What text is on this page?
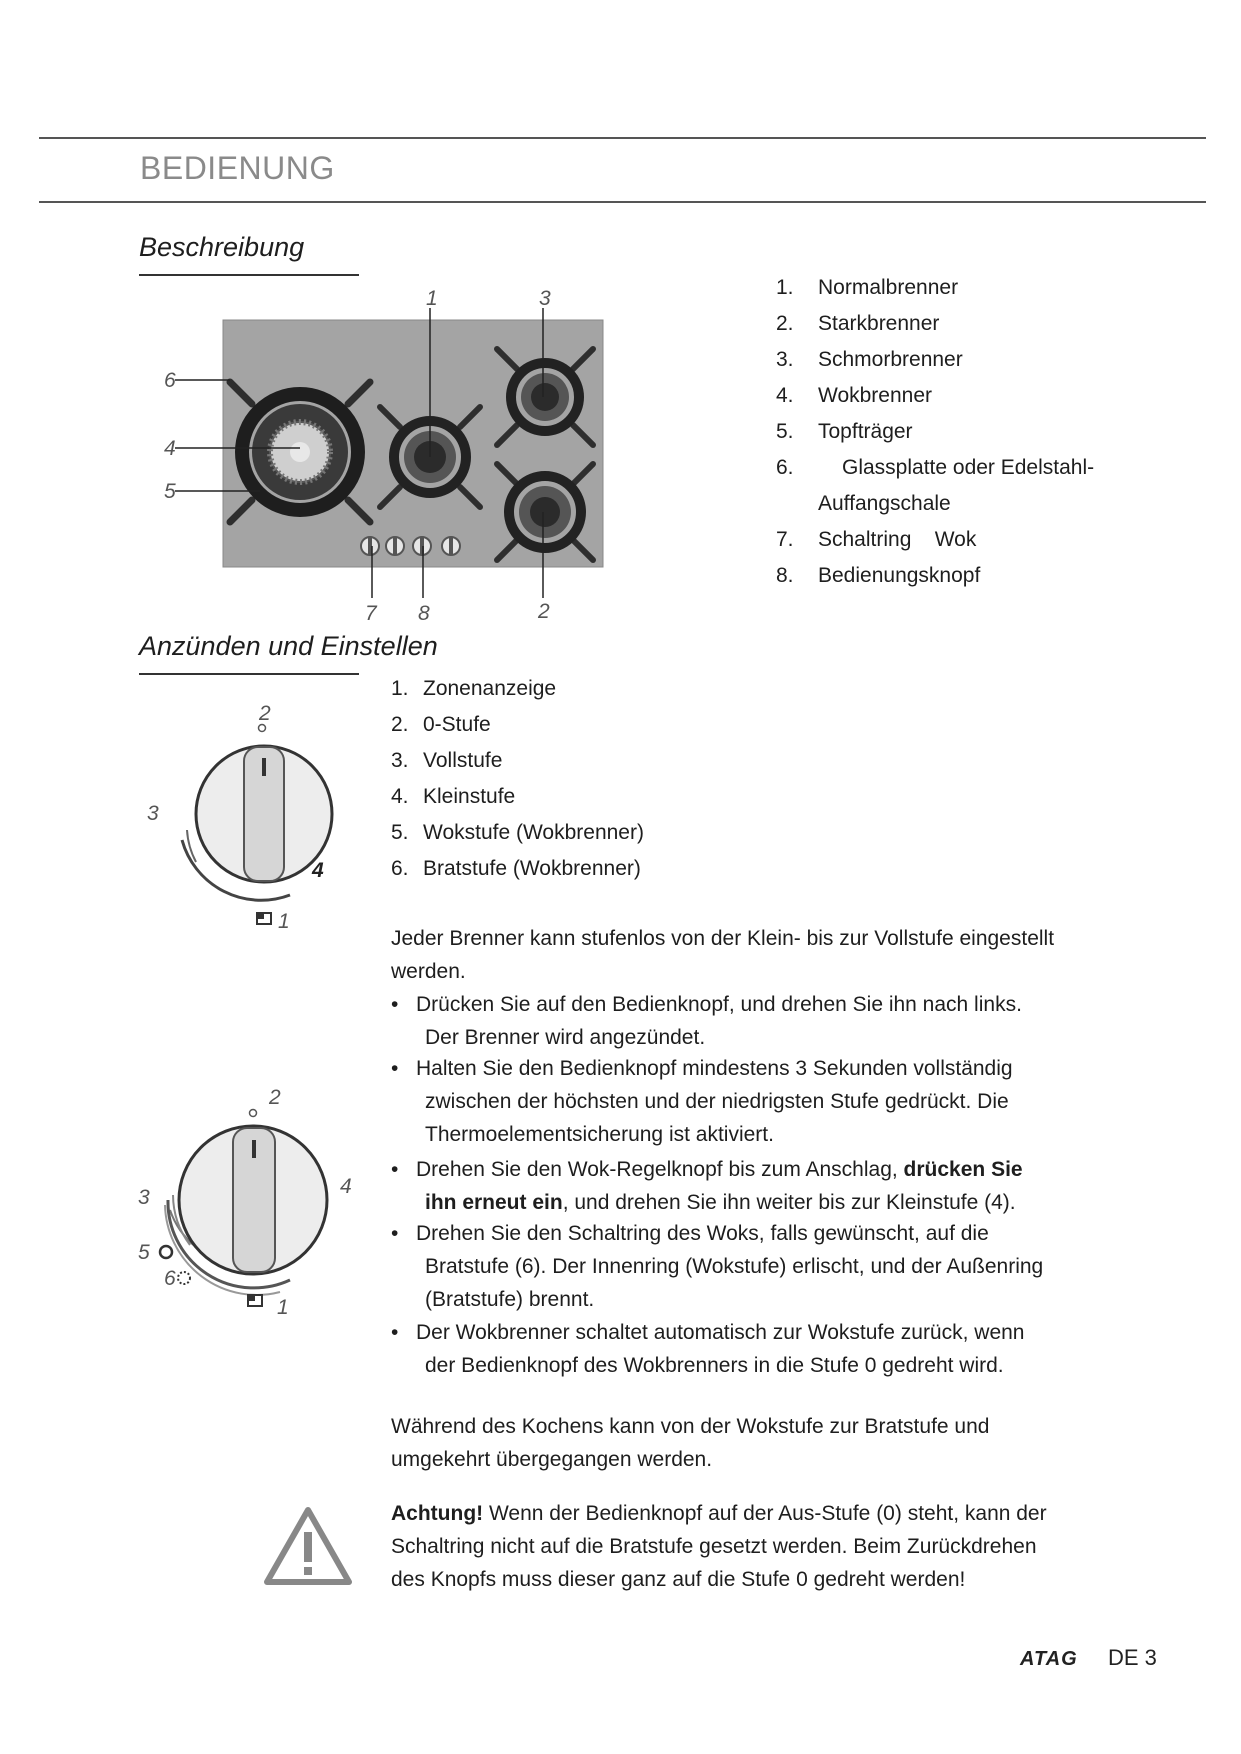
BEDIENUNG
Beschreibung
1	3
6
4
5
7 8	2
1. Normalbrenner
2. Starkbrenner
3. Schmorbrenner
4. Wokbrenner
5. Topfträger
6. Glassplatte oder Edelstahl-
Auffangschale
7. Schaltring    Wok
8. Bedienungsknopf
Anzünden und Einstellen
1. Zonenanzeige
2. 0-Stufe
3. Vollstufe
4. Kleinstufe
5. Wokstufe (Wokbrenner)
6. Bratstufe (Wokbrenner)
2
3
4
1
2
3	4
5
6
1
Jeder Brenner kann stufenlos von der Klein- bis zur Vollstufe eingestellt
werden.
• Drücken Sie auf den Bedienknopf, und drehen Sie ihn nach links.
Der Brenner wird angezündet.
• Halten Sie den Bedienknopf mindestens 3 Sekunden vollständig
zwischen der höchsten und der niedrigsten Stufe gedrückt. Die
Thermoelementsicherung ist aktiviert.
• Drehen Sie den Wok-Regelknopf bis zum Anschlag, drücken Sie
ihn erneut ein, und drehen Sie ihn weiter bis zur Kleinstufe (4).
• Drehen Sie den Schaltring des Woks, falls gewünscht, auf die
Bratstufe (6). Der Innenring (Wokstufe) erlischt, und der Außenring
(Bratstufe) brennt.
• Der Wokbrenner schaltet automatisch zur Wokstufe zurück, wenn
der Bedienknopf des Wokbrenners in die Stufe 0 gedreht wird.
Während des Kochens kann von der Wokstufe zur Bratstufe und
umgekehrt übergegangen werden.
Achtung! Wenn der Bedienknopf auf der Aus-Stufe (0) steht, kann der
Schaltring nicht auf die Bratstufe gesetzt werden. Beim Zurückdrehen
des Knopfs muss dieser ganz auf die Stufe 0 gedreht werden!
ATAG DE 3
